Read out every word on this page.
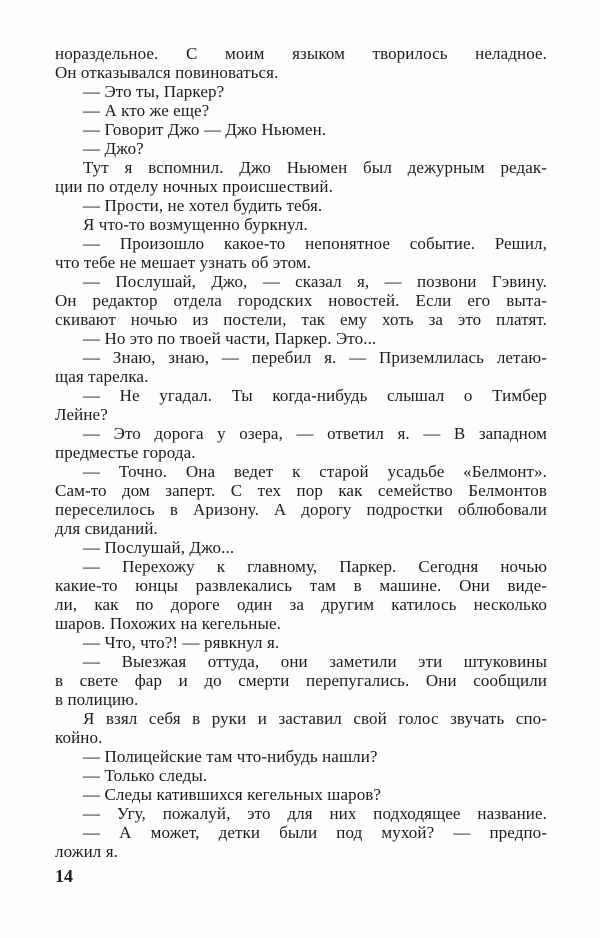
нораздельное. С моим языком творилось неладное.
Он отказывался повиноваться.
— Это ты, Паркер?
— А кто же еще?
— Говорит Джо — Джо Ньюмен.
— Джо?
Тут я вспомнил. Джо Ньюмен был дежурным редак-
ции по отделу ночных происшествий.
— Прости, не хотел будить тебя.
Я что-то возмущенно буркнул.
— Произошло какое-то непонятное событие. Решил,
что тебе не мешает узнать об этом.
— Послушай, Джо, — сказал я, — позвони Гэвину.
Он редактор отдела городских новостей. Если его выта-
скивают ночью из постели, так ему хоть за это платят.
— Но это по твоей части, Паркер. Это...
— Знаю, знаю, — перебил я. — Приземлилась летаю-
щая тарелка.
— Не угадал. Ты когда-нибудь слышал о Тимбер
Лейне?
— Это дорога у озера, — ответил я. — В западном
предместье города.
— Точно. Она ведет к старой усадьбе «Белмонт».
Сам-то дом заперт. С тех пор как семейство Белмонтов
переселилось в Аризону. А дорогу подростки облюбовали
для свиданий.
— Послушай, Джо...
— Перехожу к главному, Паркер. Сегодня ночью
какие-то юнцы развлекались там в машине. Они виде-
ли, как по дороге один за другим катилось несколько
шаров. Похожих на кегельные.
— Что, что?! — рявкнул я.
— Выезжая оттуда, они заметили эти штуковины
в свете фар и до смерти перепугались. Они сообщили
в полицию.
Я взял себя в руки и заставил свой голос звучать спо-
койно.
— Полицейские там что-нибудь нашли?
— Только следы.
— Следы катившихся кегельных шаров?
— Угу, пожалуй, это для них подходящее название.
— А может, детки были под мухой? — предпо-
ложил я.
14
